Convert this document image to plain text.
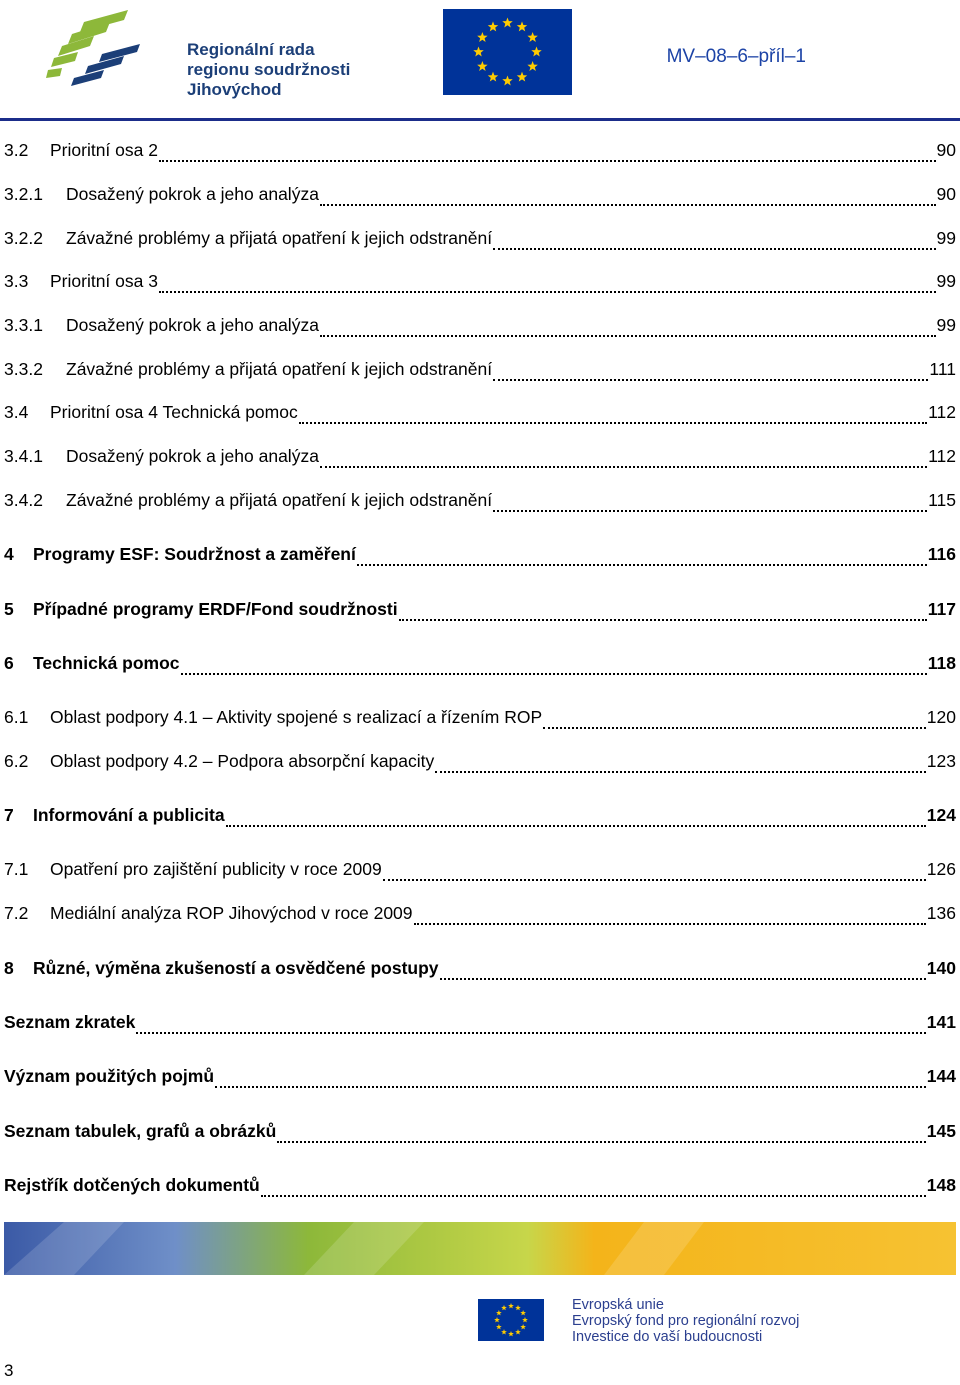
Regionální rada
regionu soudržnosti
Jihovýchod
MV–08–6–příl–1
3.2	Prioritní osa 2	90
3.2.1	Dosažený pokrok a jeho analýza	90
3.2.2	Závažné problémy a přijatá opatření k jejich odstranění	99
3.3	Prioritní osa 3	99
3.3.1	Dosažený pokrok a jeho analýza	99
3.3.2	Závažné problémy a přijatá opatření k jejich odstranění	111
3.4	Prioritní osa 4 Technická pomoc	112
3.4.1	Dosažený pokrok a jeho analýza	112
3.4.2	Závažné problémy a přijatá opatření k jejich odstranění	115
4	Programy ESF: Soudržnost a zaměření	116
5	Případné programy ERDF/Fond soudržnosti	117
6	Technická pomoc	118
6.1	Oblast podpory 4.1 – Aktivity spojené s realizací a řízením ROP	120
6.2	Oblast podpory 4.2 – Podpora absorpční kapacity	123
7	Informování a publicita	124
7.1	Opatření pro zajištění publicity v roce 2009	126
7.2	Mediální analýza ROP Jihovýchod v roce 2009	136
8	Různé, výměna zkušeností a osvědčené postupy	140
Seznam zkratek	141
Význam použitých pojmů	144
Seznam tabulek, grafů a obrázků	145
Rejstřík dotčených dokumentů	148
Evropská unie
Evropský fond pro regionální rozvoj
Investice do vaší budoucnosti
3
